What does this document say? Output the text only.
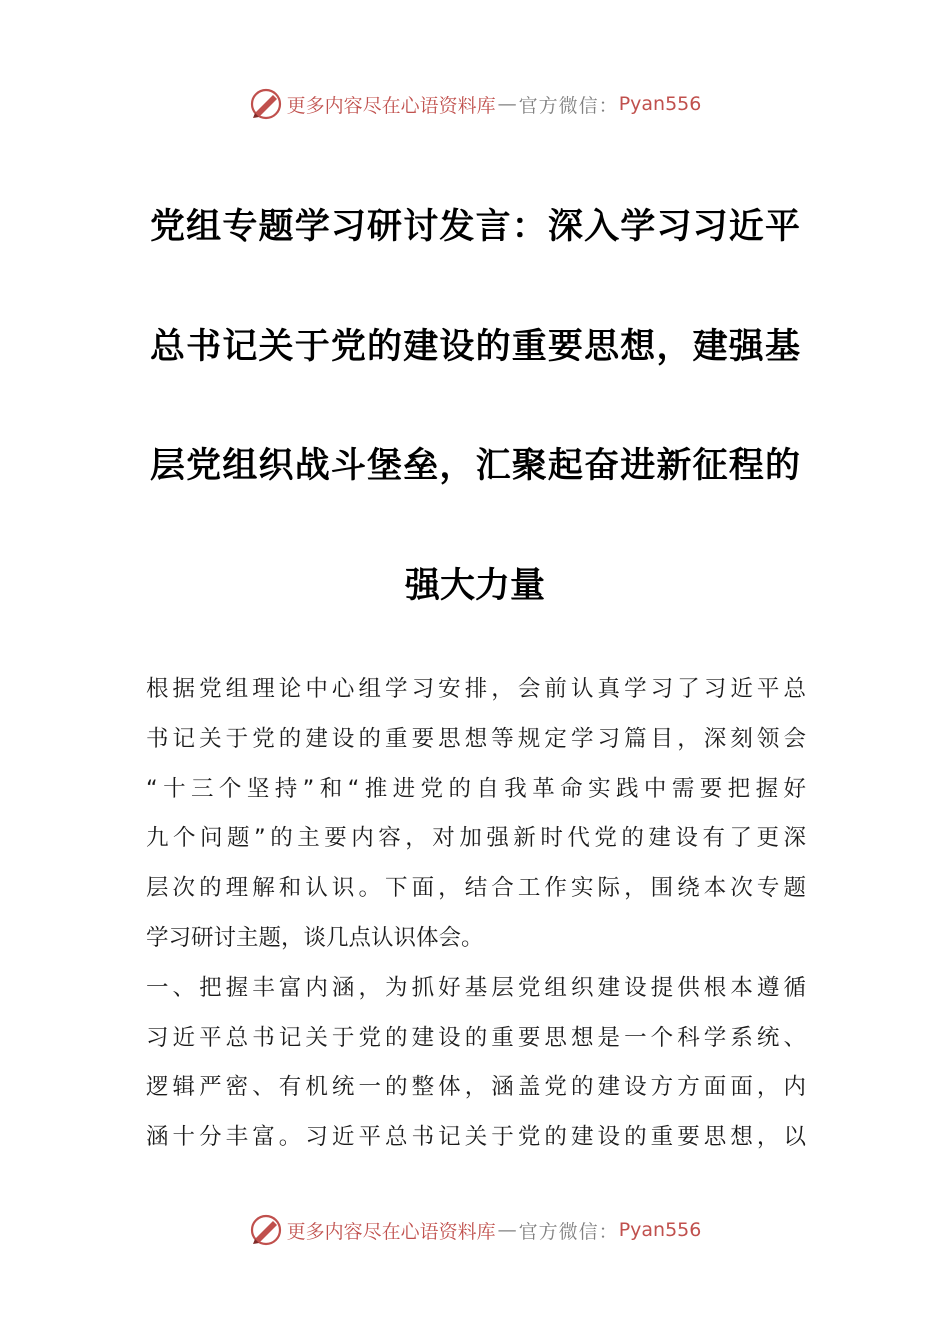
更多内容尽在心语资料库 — 官方微信： Pyan556
党组专题学习研讨发言：深入学习习近平
总书记关于党的建设的重要思想，建强基
层党组织战斗堡垒，汇聚起奋进新征程的
强大力量
根据党组理论中心组学习安排，会前认真学习了习近平总
书记关于党的建设的重要思想等规定学习篇目，深刻领会
“十三个坚持”和“推进党的自我革命实践中需要把握好
九个问题”的主要内容，对加强新时代党的建设有了更深
层次的理解和认识。下面，结合工作实际，围绕本次专题
学习研讨主题，谈几点认识体会。
一、把握丰富内涵，为抓好基层党组织建设提供根本遵循
习近平总书记关于党的建设的重要思想是一个科学系统、
逻辑严密、有机统一的整体，涵盖党的建设方方面面，内
涵十分丰富。习近平总书记关于党的建设的重要思想，以
更多内容尽在心语资料库 — 官方微信： Pyan556
